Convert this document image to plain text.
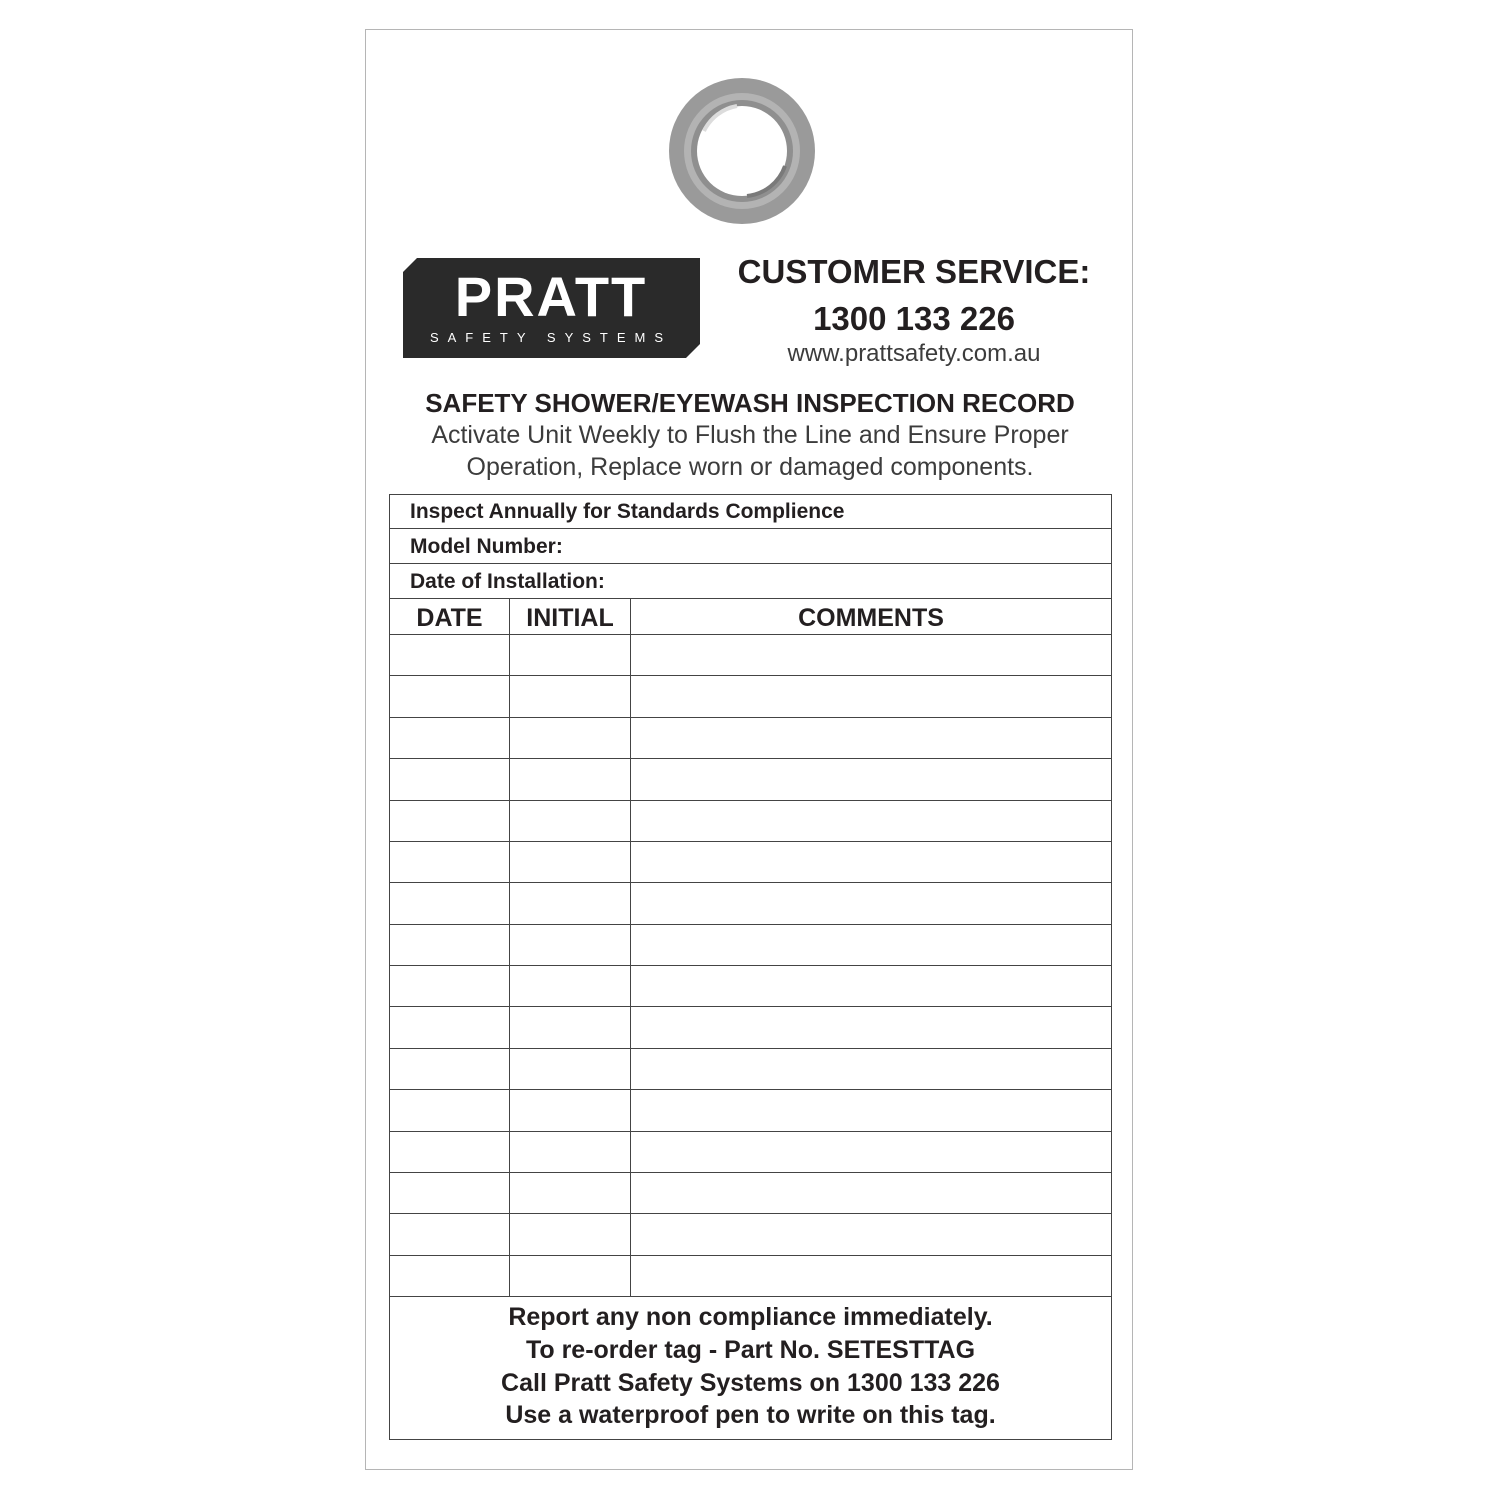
PRATT
SAFETY SYSTEMS
CUSTOMER SERVICE:
1300 133 226
www.prattsafety.com.au
SAFETY SHOWER/EYEWASH INSPECTION RECORD
Activate Unit Weekly to Flush the Line and Ensure Proper
Operation, Replace worn or damaged components.
Inspect Annually for Standards Complience
Model Number:
Date of Installation:
DATE	INITIAL	COMMENTS
Report any non compliance immediately.
To re-order tag - Part No. SETESTTAG
Call Pratt Safety Systems on 1300 133 226
Use a waterproof pen to write on this tag.
